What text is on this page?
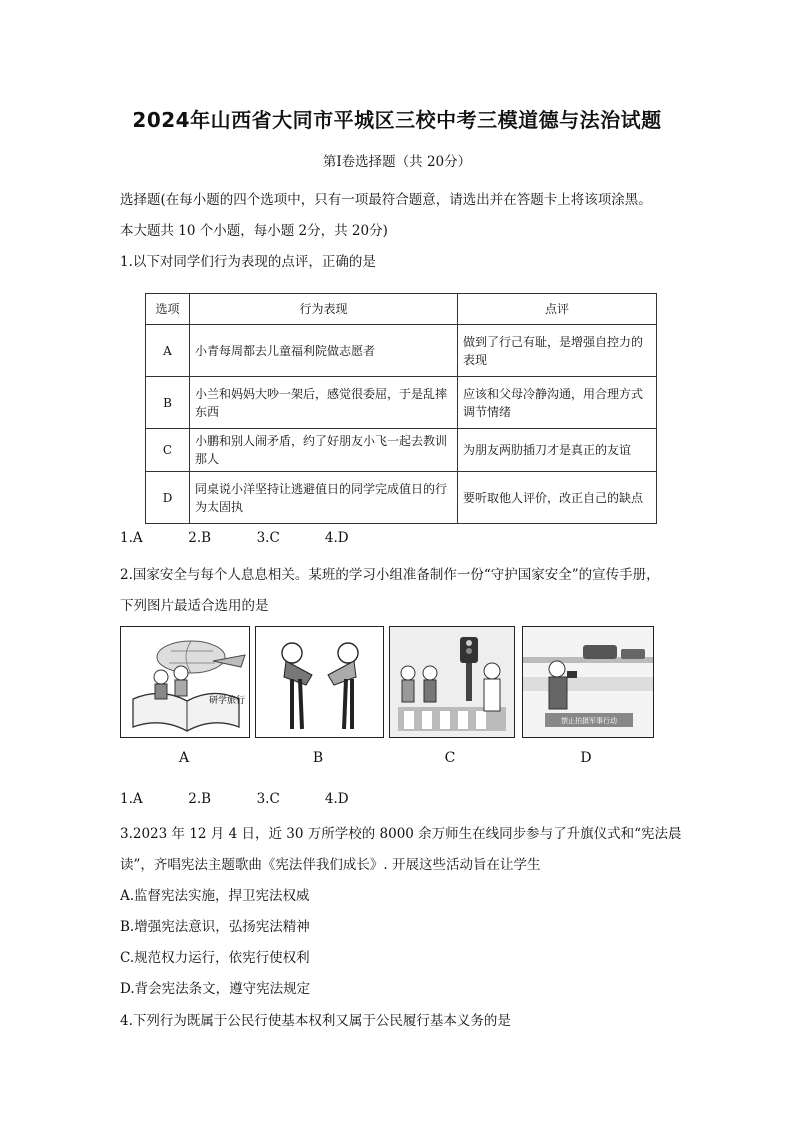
2024年山西省大同市平城区三校中考三模道德与法治试题
第Ⅰ卷选择题（共 20分）
选择题(在每小题的四个选项中，只有一项最符合题意，请选出并在答题卡上将该项涂黑。
本大题共 10 个小题，每小题 2分，共 20分)
1.以下对同学们行为表现的点评，正确的是
选项	行为表现	点评
A	小青每周都去儿童福利院做志愿者	做到了行己有耻，是增强自控力的表现
B	小兰和妈妈大吵一架后，感觉很委屈，于是乱摔东西	应该和父母冷静沟通，用合理方式调节情绪
C	小鹏和别人闹矛盾，约了好朋友小飞一起去教训那人	为朋友两肋插刀才是真正的友谊
D	同桌说小洋坚持让逃避值日的同学完成值日的行为太固执	要听取他人评价，改正自己的缺点
1.A	2.B	3.C	4.D
2.国家安全与每个人息息相关。某班的学习小组准备制作一份“守护国家安全”的宣传手册，
下列图片最适合选用的是
研学旅行
禁止拍摄军事行动
A	B	C	D
1.A	2.B	3.C	4.D
3.2023 年 12 月 4 日，近 30 万所学校的 8000 余万师生在线同步参与了升旗仪式和“宪法晨
读”，齐唱宪法主题歌曲《宪法伴我们成长》. 开展这些活动旨在让学生
A.监督宪法实施，捍卫宪法权威
B.增强宪法意识，弘扬宪法精神
C.规范权力运行，依宪行使权利
D.背会宪法条文，遵守宪法规定
4.下列行为既属于公民行使基本权利又属于公民履行基本义务的是
